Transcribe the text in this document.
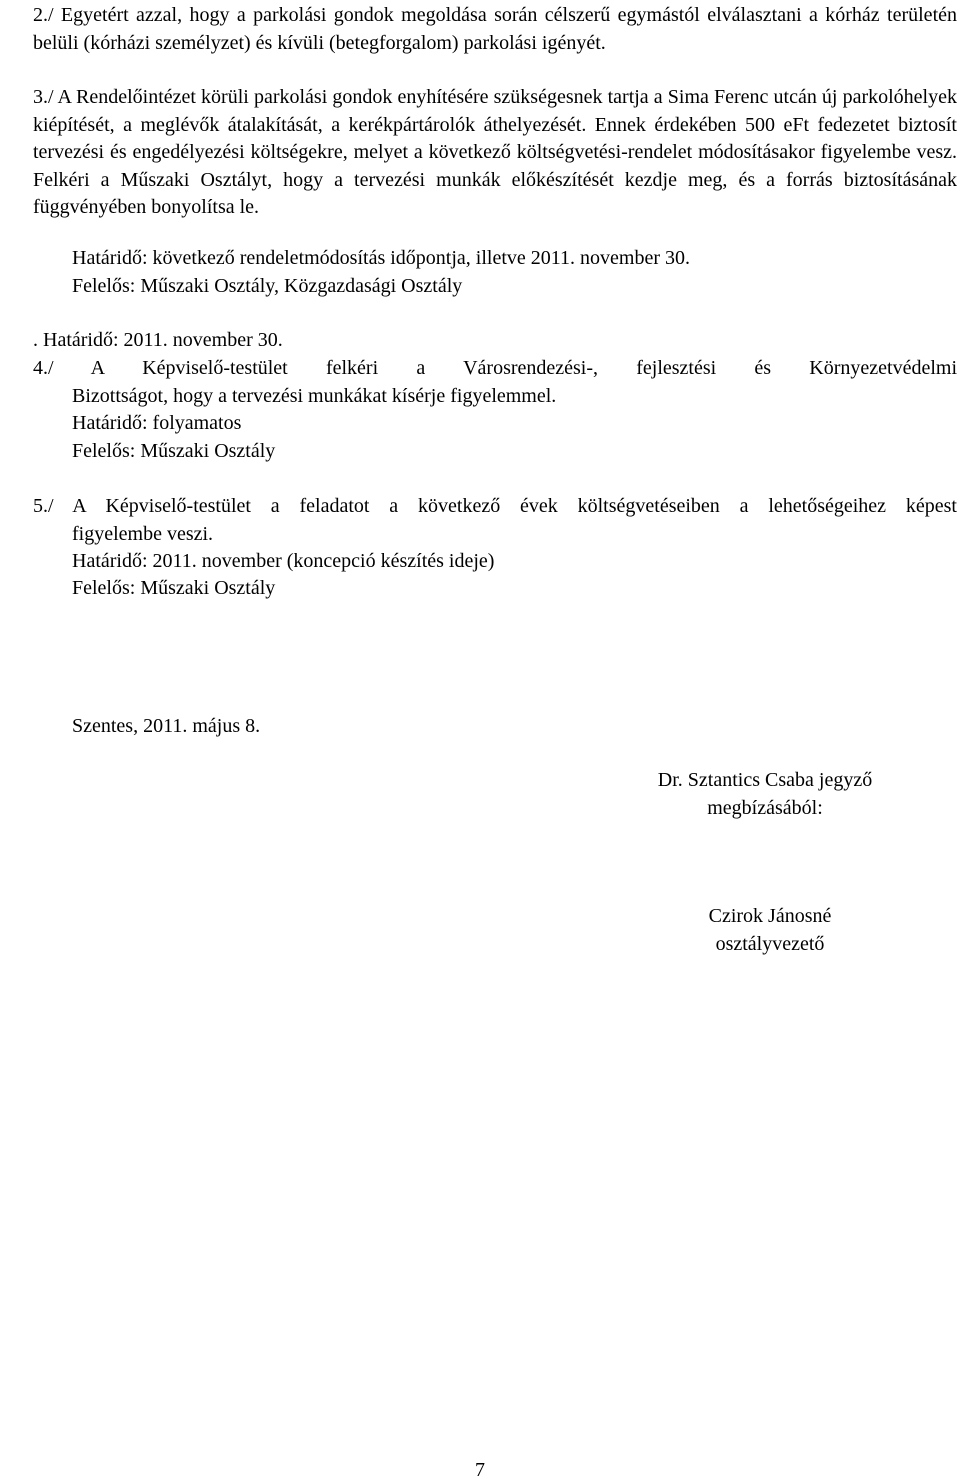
2./ Egyetért azzal, hogy a parkolási gondok megoldása során célszerű egymástól elválasztani a kórház területén belüli (kórházi személyzet) és kívüli (betegforgalom) parkolási igényét.
3./ A Rendelőintézet körüli parkolási gondok enyhítésére szükségesnek tartja a Sima Ferenc utcán új parkolóhelyek kiépítését, a meglévők átalakítását, a kerékpártárolók áthelyezését. Ennek érdekében 500 eFt fedezetet biztosít tervezési és engedélyezési költségekre, melyet a következő költségvetési-rendelet módosításakor figyelembe vesz. Felkéri a Műszaki Osztályt, hogy a tervezési munkák előkészítését kezdje meg, és a forrás biztosításának függvényében bonyolítsa le.
Határidő: következő rendeletmódosítás időpontja, illetve 2011. november 30.
Felelős: Műszaki Osztály, Közgazdasági Osztály
. Határidő: 2011. november 30.
4./ A Képviselő-testület felkéri a Városrendezési-, fejlesztési és Környezetvédelmi
Bizottságot, hogy a tervezési munkákat kísérje figyelemmel.
Határidő: folyamatos
Felelős: Műszaki Osztály
5./ A Képviselő-testület a feladatot a következő évek költségvetéseiben a lehetőségeihez képest
figyelembe veszi.
Határidő: 2011. november (koncepció készítés ideje)
Felelős: Műszaki Osztály
Szentes, 2011. május 8.
Dr. Sztantics Csaba jegyző
megbízásából:
Czirok Jánosné
osztályvezető
7
